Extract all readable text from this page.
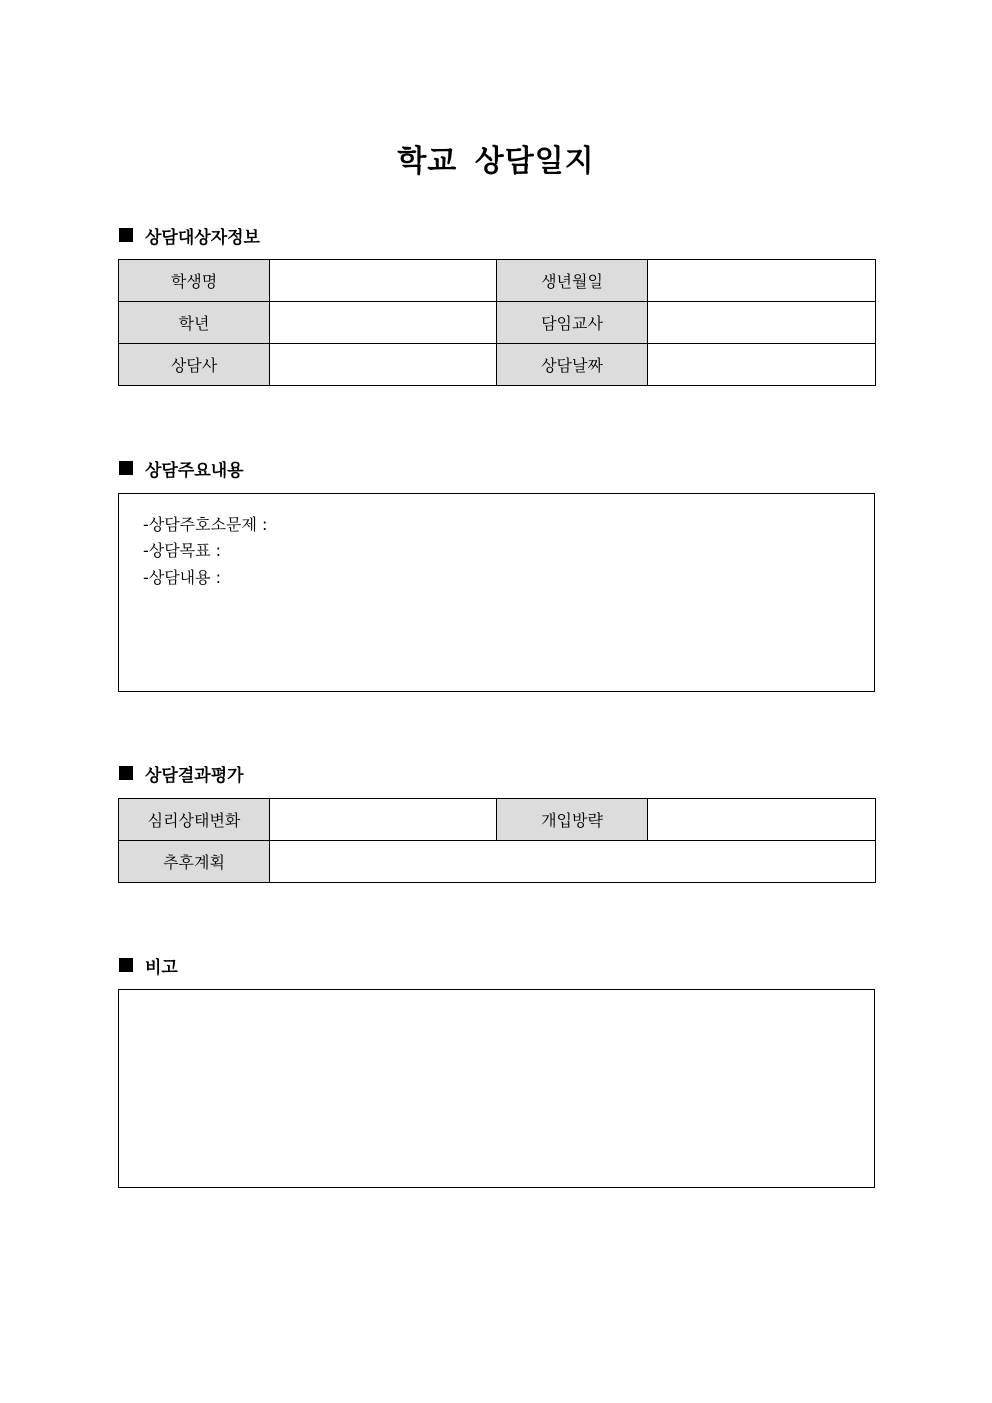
학교 상담일지
상담대상자정보
학생명		생년월일	
학년		담임교사	
상담사		상담날짜	
상담주요내용
-상담주호소문제 :
-상담목표 :
-상담내용 :
상담결과평가
심리상태변화		개입방략	
추후계획			
비고
